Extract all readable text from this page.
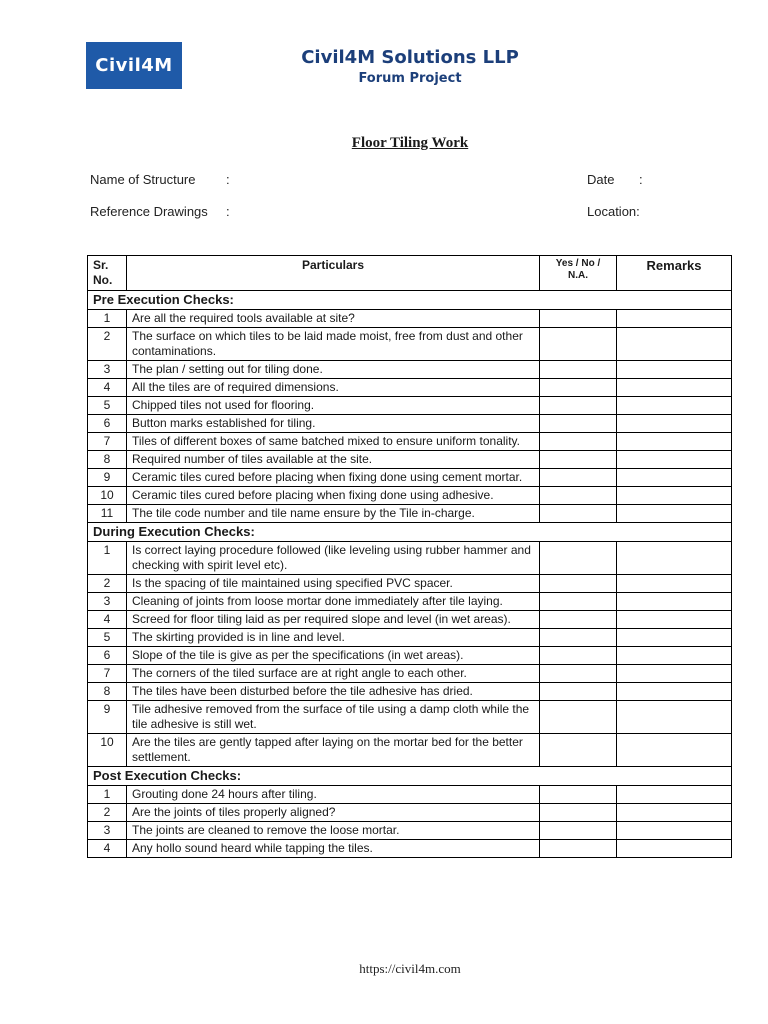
Civil4M	Civil4M Solutions LLP
Forum Project
Floor Tiling Work
Name of Structure :
Reference Drawings :
Date :
Location:
Sr. No.	Particulars	Yes / No / N.A.	Remarks
Pre Execution Checks:			
1	Are all the required tools available at site?		
2	The surface on which tiles to be laid made moist, free from dust and other contaminations.		
3	The plan / setting out for tiling done.		
4	All the tiles are of required dimensions.		
5	Chipped tiles not used for flooring.		
6	Button marks established for tiling.		
7	Tiles of different boxes of same batched mixed to ensure uniform tonality.		
8	Required number of tiles available at the site.		
9	Ceramic tiles cured before placing when fixing done using cement mortar.		
10	Ceramic tiles cured before placing when fixing done using adhesive.		
11	The tile code number and tile name ensure by the Tile in-charge.		
During Execution Checks:			
1	Is correct laying procedure followed (like leveling using rubber hammer and checking with spirit level etc).		
2	Is the spacing of tile maintained using specified PVC spacer.		
3	Cleaning of joints from loose mortar done immediately after tile laying.		
4	Screed for floor tiling laid as per required slope and level (in wet areas).		
5	The skirting provided is in line and level.		
6	Slope of the tile is give as per the specifications (in wet areas).		
7	The corners of the tiled surface are at right angle to each other.		
8	The tiles have been disturbed before the tile adhesive has dried.		
9	Tile adhesive removed from the surface of tile using a damp cloth while the tile adhesive is still wet.		
10	Are the tiles are gently tapped after laying on the mortar bed for the better settlement.		
Post Execution Checks:			
1	Grouting done 24 hours after tiling.		
2	Are the joints of tiles properly aligned?		
3	The joints are cleaned to remove the loose mortar.		
4	Any hollo sound heard while tapping the tiles.		
https://civil4m.com
